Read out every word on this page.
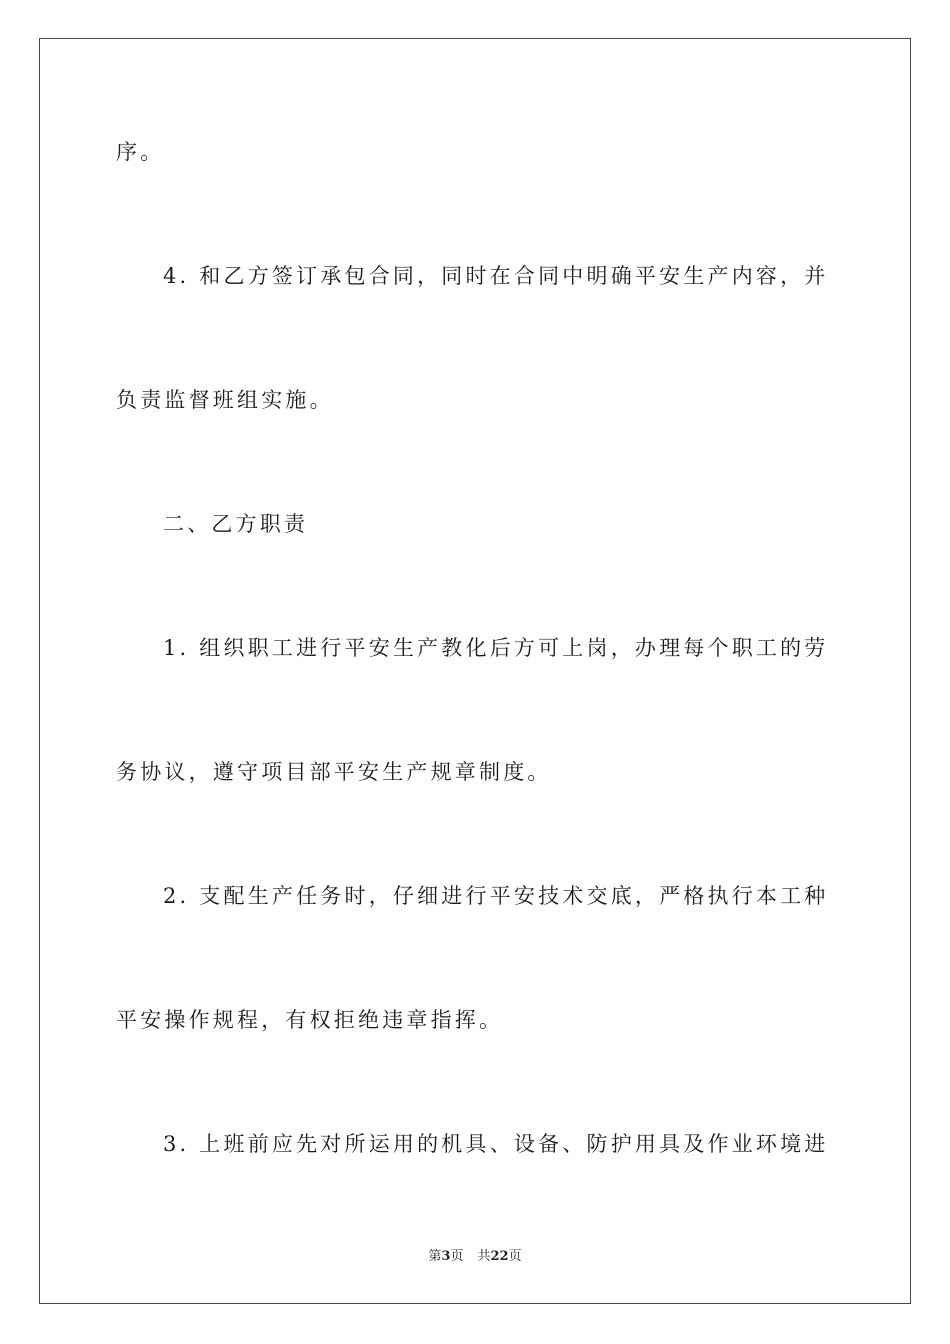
序。
4. 和乙方签订承包合同，同时在合同中明确平安生产内容，并
负责监督班组实施。
二、乙方职责
1. 组织职工进行平安生产教化后方可上岗，办理每个职工的劳
务协议，遵守项目部平安生产规章制度。
2. 支配生产任务时，仔细进行平安技术交底，严格执行本工种
平安操作规程，有权拒绝违章指挥。
3. 上班前应先对所运用的机具、设备、防护用具及作业环境进
第3页 共22页
